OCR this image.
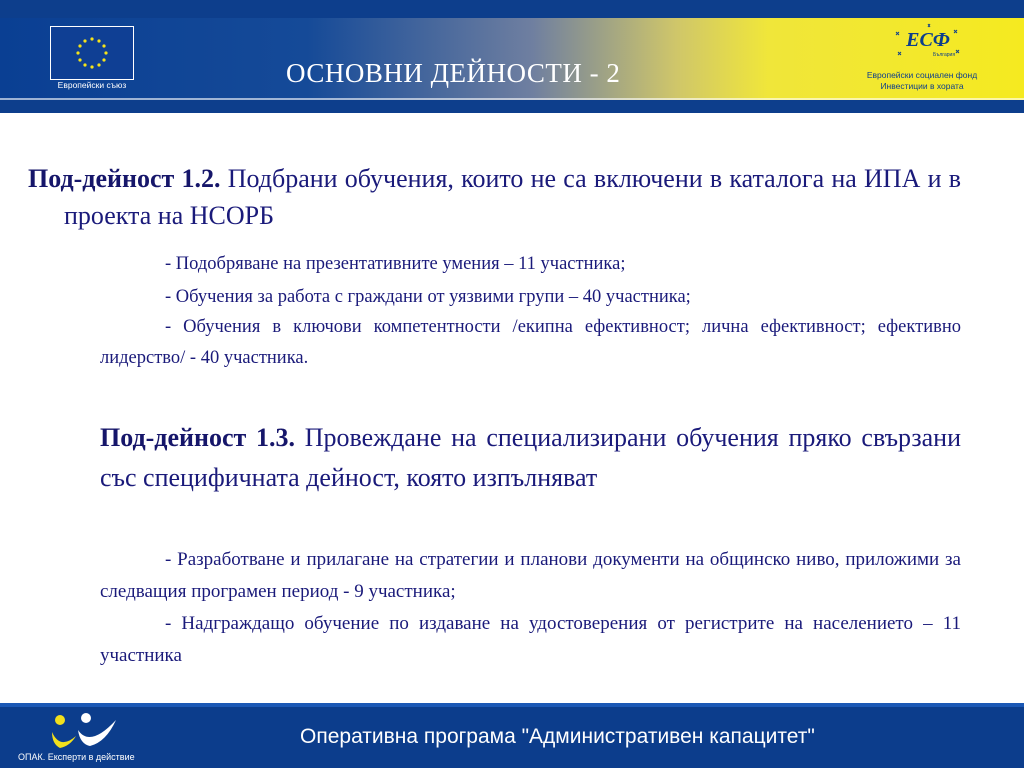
Европейски съюз	ОСНОВНИ ДЕЙНОСТИ - 2
ЕСФ
България
Европейски социален фонд
Инвестиции в хората
Под-дейност 1.2. Подбрани обучения, които не са включени в каталога на ИПА и в проекта на НСОРБ
- Подобряване на презентативните умения – 11 участника;
- Обучения за работа с граждани от уязвими групи – 40 участника;
- Обучения в ключови компетентности /екипна ефективност; лична ефективност; ефективно лидерство/ - 40 участника.
Под-дейност 1.3. Провеждане на специализирани обучения пряко свързани със специфичната дейност, която изпълняват
- Разработване и прилагане на стратегии и планови документи на общинско ниво, приложими за следващия програмен период - 9 участника;
- Надграждащо обучение по издаване на удостоверения от регистрите на населението – 11 участника
ОПАК. Експерти в действие
Оперативна програма "Административен капацитет"
